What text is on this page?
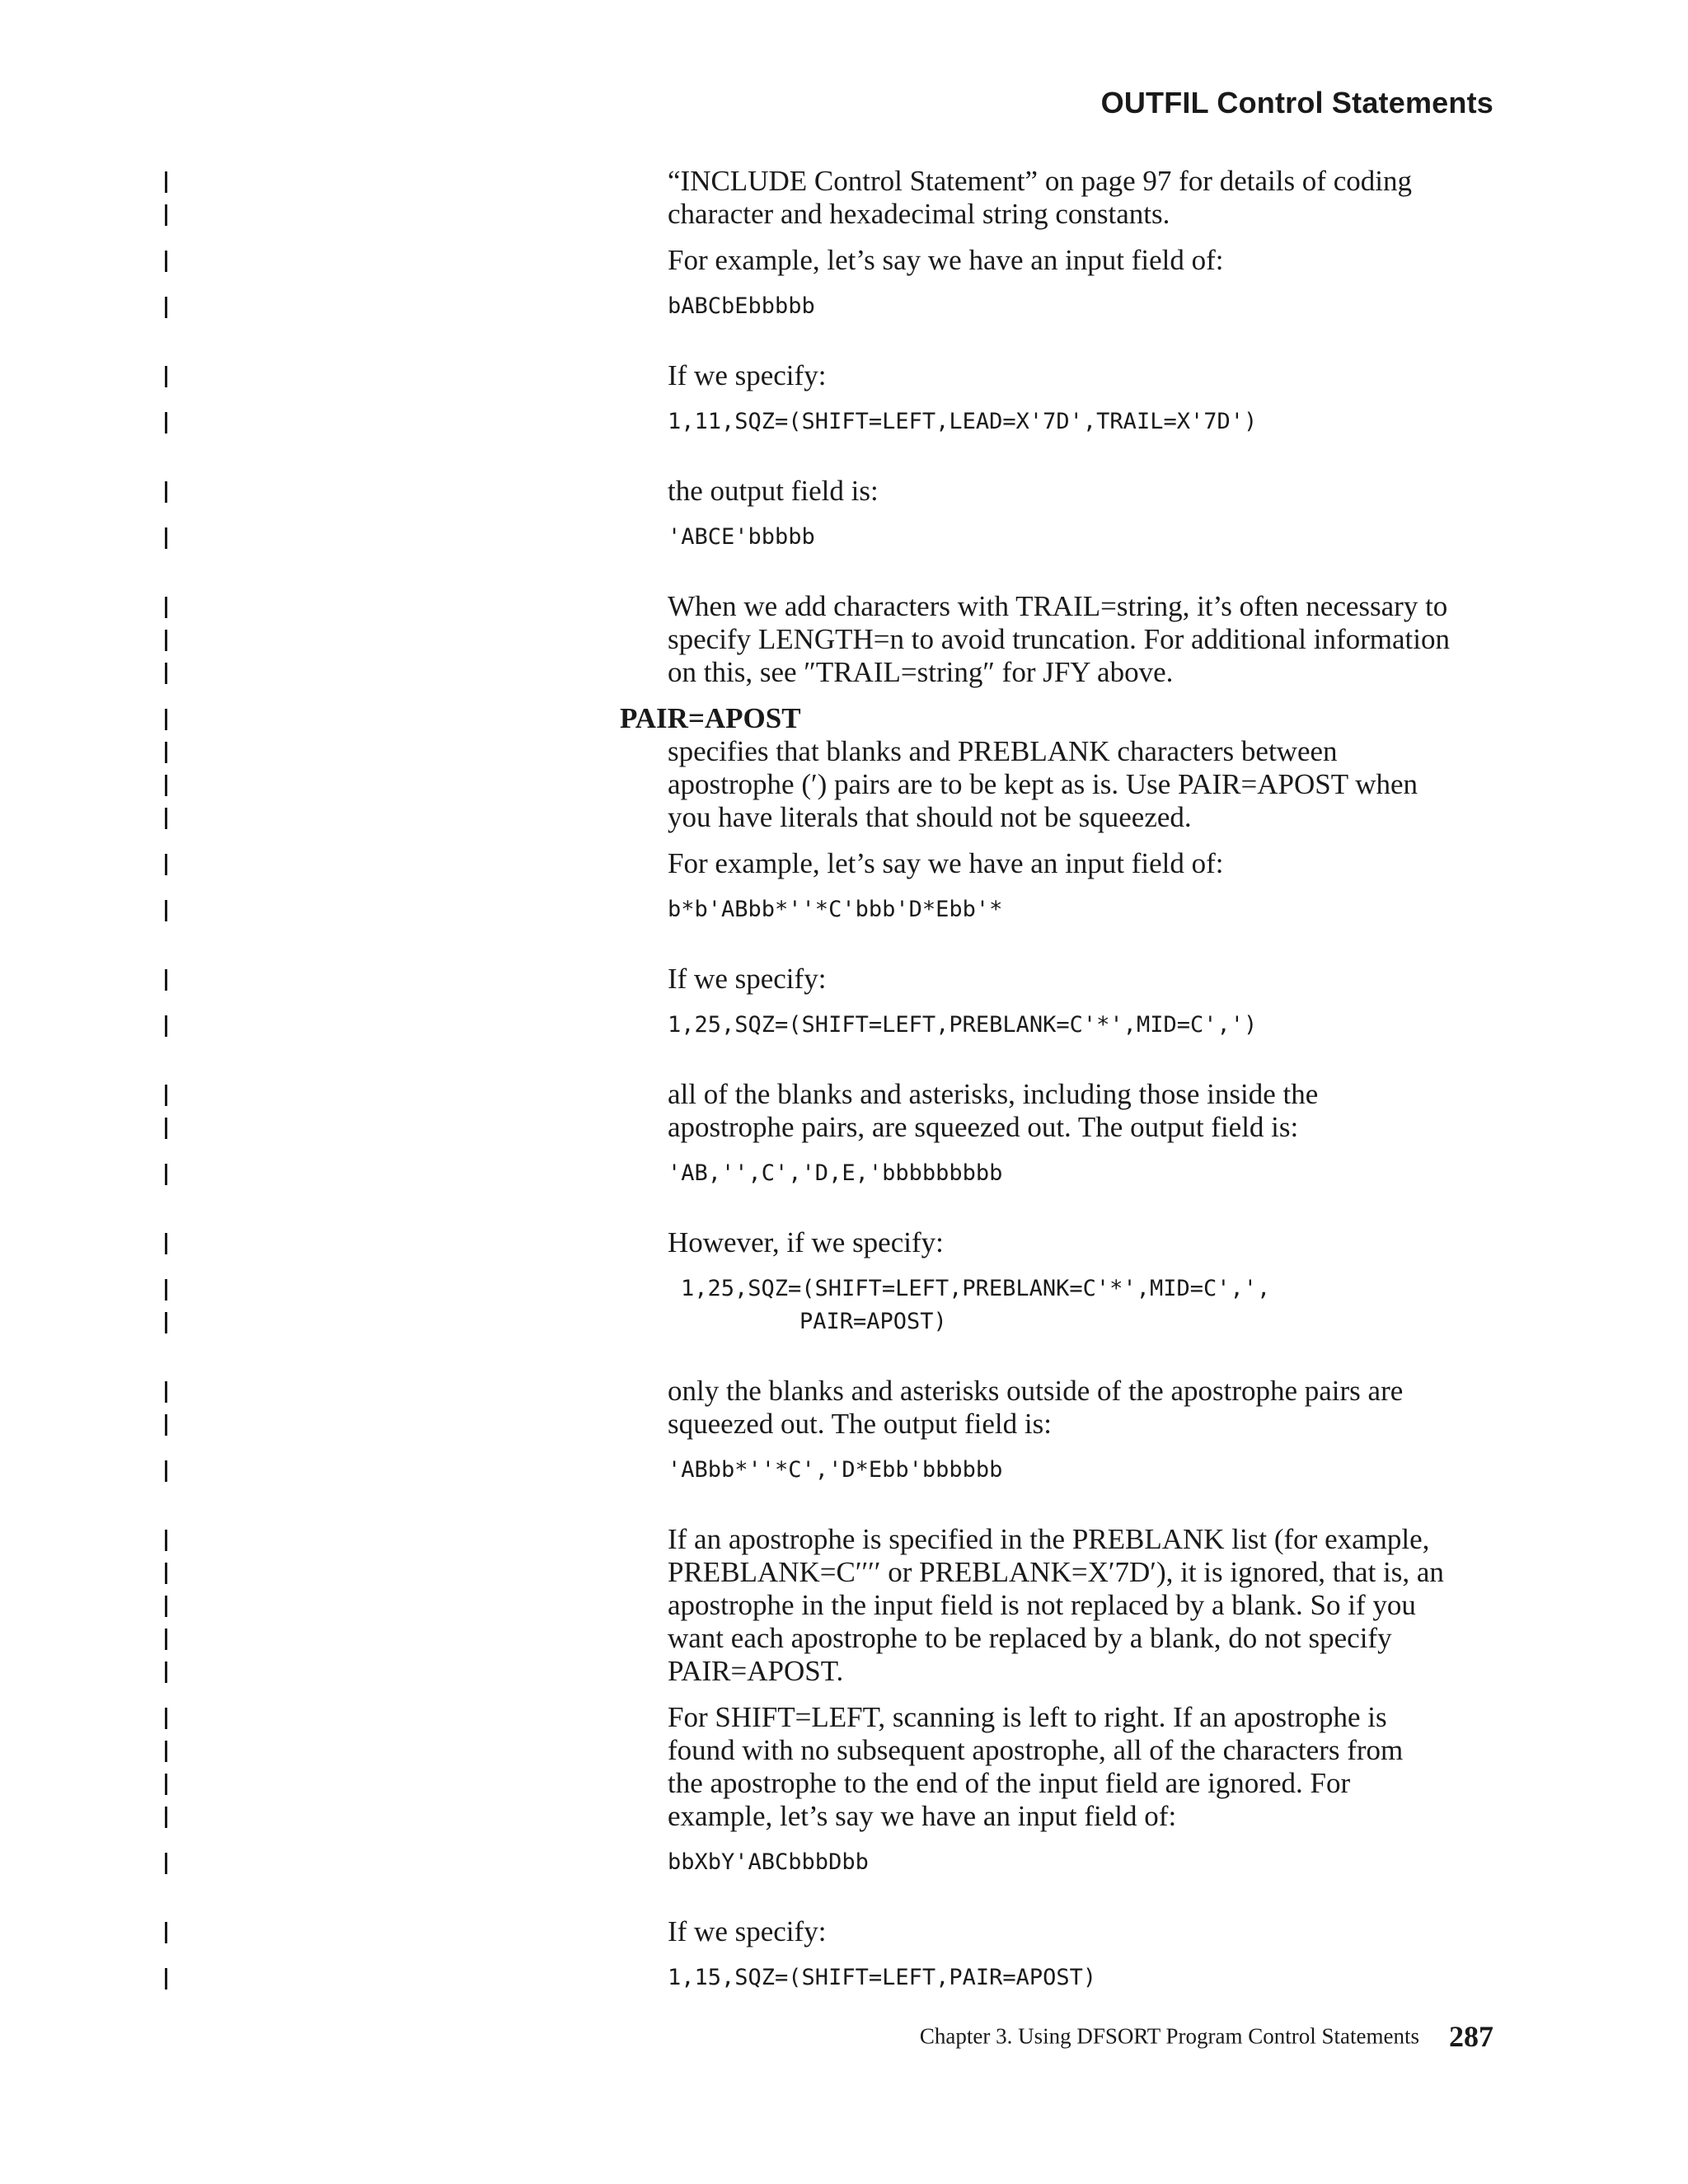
OUTFIL Control Statements
“INCLUDE Control Statement” on page 97 for details of coding
character and hexadecimal string constants.
For example, let’s say we have an input field of:
bABCbEbbbbb
If we specify:
1,11,SQZ=(SHIFT=LEFT,LEAD=X'7D',TRAIL=X'7D')
the output field is:
'ABCE'bbbbb
When we add characters with TRAIL=string, it’s often necessary to
specify LENGTH=n to avoid truncation. For additional information
on this, see ″TRAIL=string″ for JFY above.
PAIR=APOST
specifies that blanks and PREBLANK characters between
apostrophe (′) pairs are to be kept as is. Use PAIR=APOST when
you have literals that should not be squeezed.
For example, let’s say we have an input field of:
b*b'ABbb*''*C'bbb'D*Ebb'*
If we specify:
1,25,SQZ=(SHIFT=LEFT,PREBLANK=C'*',MID=C',')
all of the blanks and asterisks, including those inside the
apostrophe pairs, are squeezed out. The output field is:
'AB,'',C','D,E,'bbbbbbbbb
However, if we specify:
1,25,SQZ=(SHIFT=LEFT,PREBLANK=C'*',MID=C',',
PAIR=APOST)
only the blanks and asterisks outside of the apostrophe pairs are
squeezed out. The output field is:
'ABbb*''*C','D*Ebb'bbbbbb
If an apostrophe is specified in the PREBLANK list (for example,
PREBLANK=C′′′′ or PREBLANK=X′7D′), it is ignored, that is, an
apostrophe in the input field is not replaced by a blank. So if you
want each apostrophe to be replaced by a blank, do not specify
PAIR=APOST.
For SHIFT=LEFT, scanning is left to right. If an apostrophe is
found with no subsequent apostrophe, all of the characters from
the apostrophe to the end of the input field are ignored. For
example, let’s say we have an input field of:
bbXbY'ABCbbbDbb
If we specify:
1,15,SQZ=(SHIFT=LEFT,PAIR=APOST)
Chapter 3. Using DFSORT Program Control Statements 287
